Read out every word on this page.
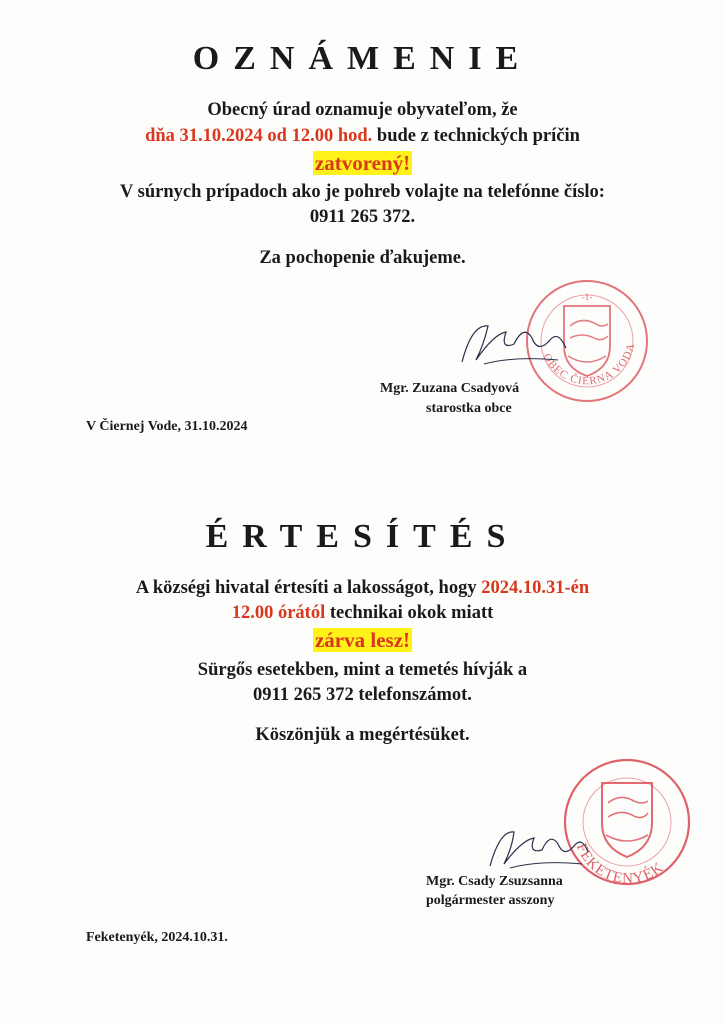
OZNÁMENIE
Obecný úrad oznamuje obyvateľom, že
dňa 31.10.2024 od 12.00 hod. bude z technických príčin
zatvorený!
V súrnych prípadoch ako je pohreb volajte na telefónne číslo:
0911 265 372.
Za pochopenie ďakujeme.
-1-
OBEC ČIERNA VODA
Mgr. Zuzana Csadyová
starostka obce
V Čiernej Vode, 31.10.2024
ÉRTESÍTÉS
A községi hivatal értesíti a lakosságot, hogy 2024.10.31-én
12.00 órától technikai okok miatt
zárva lesz!
Sürgős esetekben, mint a temetés hívják a
0911 265 372 telefonszámot.
Köszönjük a megértésüket.
FEKETENYÉK
Mgr. Csady Zsuzsanna
polgármester asszony
Feketenyék, 2024.10.31.
